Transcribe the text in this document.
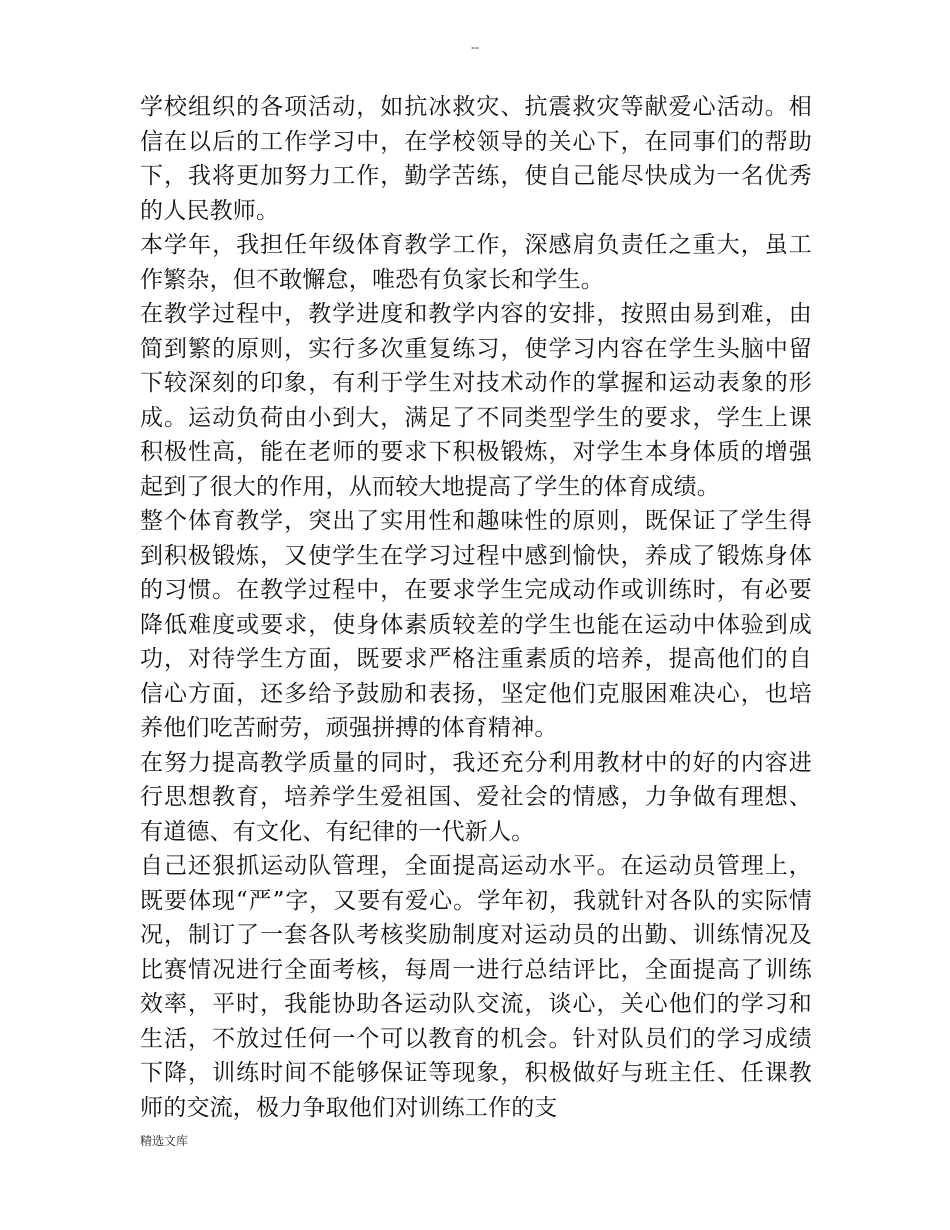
--

学校组织的各项活动，如抗冰救灾、抗震救灾等献爱心活动。相信在以后的工作学习中，在学校领导的关心下，在同事们的帮助下，我将更加努力工作，勤学苦练，使自己能尽快成为一名优秀的人民教师。

本学年，我担任年级体育教学工作，深感肩负责任之重大，虽工作繁杂，但不敢懈怠，唯恐有负家长和学生。

在教学过程中，教学进度和教学内容的安排，按照由易到难，由简到繁的原则，实行多次重复练习，使学习内容在学生头脑中留下较深刻的印象，有利于学生对技术动作的掌握和运动表象的形成。运动负荷由小到大，满足了不同类型学生的要求，学生上课积极性高，能在老师的要求下积极锻炼，对学生本身体质的增强起到了很大的作用，从而较大地提高了学生的体育成绩。

整个体育教学，突出了实用性和趣味性的原则，既保证了学生得到积极锻炼，又使学生在学习过程中感到愉快，养成了锻炼身体的习惯。在教学过程中，在要求学生完成动作或训练时，有必要降低难度或要求，使身体素质较差的学生也能在运动中体验到成功，对待学生方面，既要求严格注重素质的培养，提高他们的自信心方面，还多给予鼓励和表扬，坚定他们克服困难决心，也培养他们吃苦耐劳，顽强拼搏的体育精神。

在努力提高教学质量的同时，我还充分利用教材中的好的内容进行思想教育，培养学生爱祖国、爱社会的情感，力争做有理想、有道德、有文化、有纪律的一代新人。

自己还狠抓运动队管理，全面提高运动水平。在运动员管理上，既要体现“严”字，又要有爱心。学年初，我就针对各队的实际情况，制订了一套各队考核奖励制度对运动员的出勤、训练情况及比赛情况进行全面考核，每周一进行总结评比，全面提高了训练效率，平时，我能协助各运动队交流，谈心，关心他们的学习和生活，不放过任何一个可以教育的机会。针对队员们的学习成绩下降，训练时间不能够保证等现象，积极做好与班主任、任课教师的交流，极力争取他们对训练工作的支

精选文库
